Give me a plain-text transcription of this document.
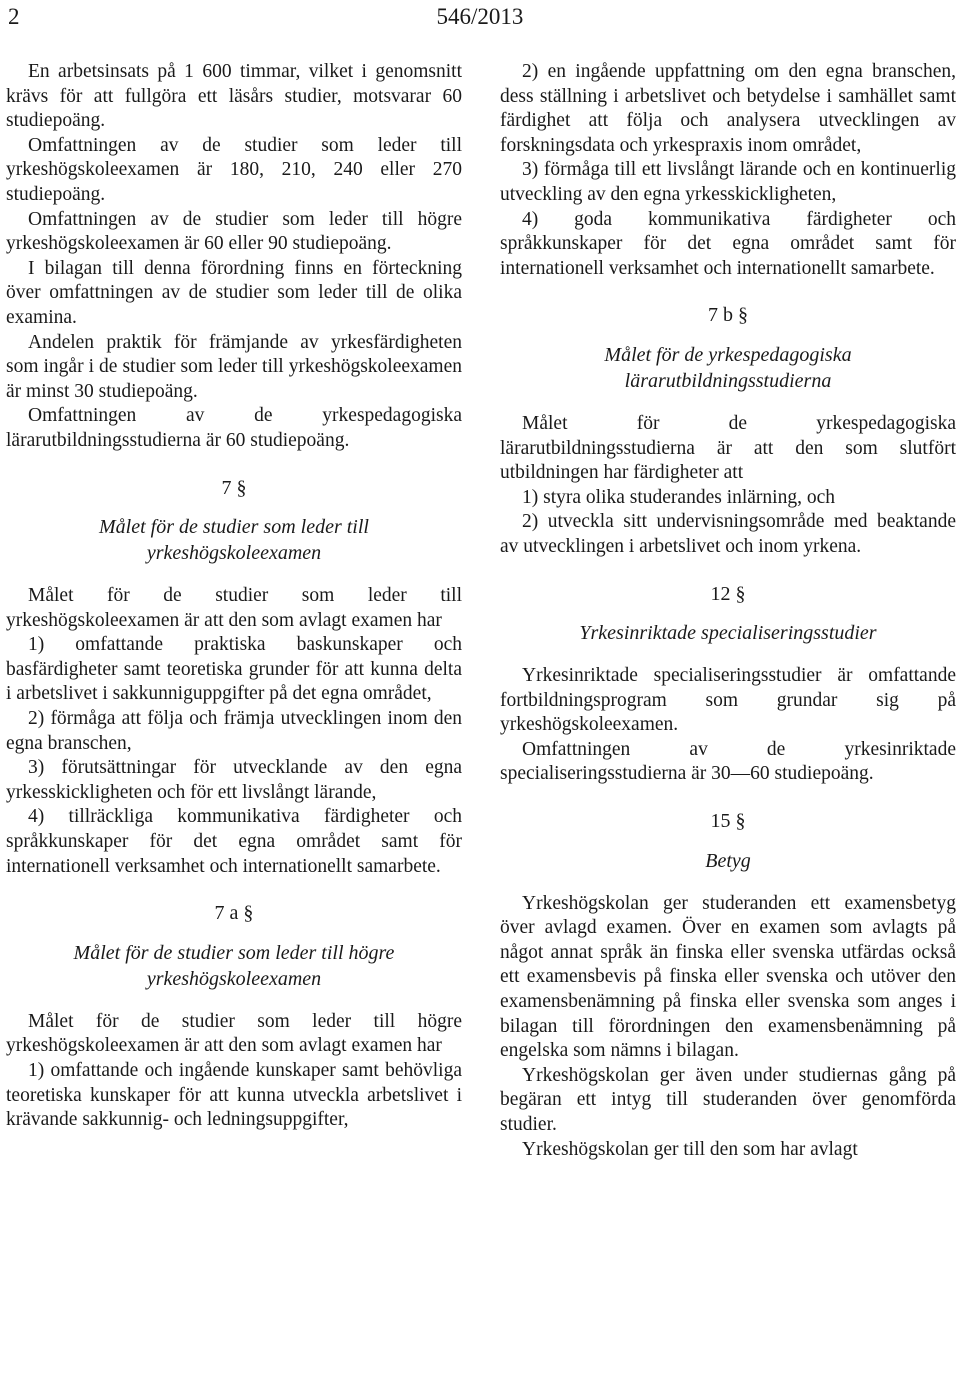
2	546/2013

En arbetsinsats på 1 600 timmar, vilket i genomsnitt krävs för att fullgöra ett läsårs studier, motsvarar 60 studiepoäng.

Omfattningen av de studier som leder till yrkeshögskoleexamen är 180, 210, 240 eller 270 studiepoäng.

Omfattningen av de studier som leder till högre yrkeshögskoleexamen är 60 eller 90 studiepoäng.

I bilagan till denna förordning finns en förteckning över omfattningen av de studier som leder till de olika examina.

Andelen praktik för främjande av yrkesfärdigheten som ingår i de studier som leder till yrkeshögskoleexamen är minst 30 studiepoäng.

Omfattningen av de yrkespedagogiska lärarutbildningsstudierna är 60 studiepoäng.

7 §
Målet för de studier som leder till
yrkeshögskoleexamen

Målet för de studier som leder till yrkeshögskoleexamen är att den som avlagt examen har

1) omfattande praktiska baskunskaper och basfärdigheter samt teoretiska grunder för att kunna delta i arbetslivet i sakkunniguppgifter på det egna området,

2) förmåga att följa och främja utvecklingen inom den egna branschen,

3) förutsättningar för utvecklande av den egna yrkesskickligheten och för ett livslångt lärande,

4) tillräckliga kommunikativa färdigheter och språkkunskaper för det egna området samt för internationell verksamhet och internationellt samarbete.

7 a §
Målet för de studier som leder till högre
yrkeshögskoleexamen

Målet för de studier som leder till högre yrkeshögskoleexamen är att den som avlagt examen har

1) omfattande och ingående kunskaper samt behövliga teoretiska kunskaper för att kunna utveckla arbetslivet i krävande sakkunnig- och ledningsuppgifter,

2) en ingående uppfattning om den egna branschen, dess ställning i arbetslivet och betydelse i samhället samt färdighet att följa och analysera utvecklingen av forskningsdata och yrkespraxis inom området,

3) förmåga till ett livslångt lärande och en kontinuerlig utveckling av den egna yrkesskickligheten,

4) goda kommunikativa färdigheter och språkkunskaper för det egna området samt för internationell verksamhet och internationellt samarbete.

7 b §
Målet för de yrkespedagogiska
lärarutbildningsstudierna

Målet för de yrkespedagogiska lärarutbildningsstudierna är att den som slutfört utbildningen har färdigheter att

1) styra olika studerandes inlärning, och

2) utveckla sitt undervisningsområde med beaktande av utvecklingen i arbetslivet och inom yrkena.

12 §
Yrkesinriktade specialiseringsstudier

Yrkesinriktade specialiseringsstudier är omfattande fortbildningsprogram som grundar sig på yrkeshögskoleexamen.

Omfattningen av de yrkesinriktade specialiseringsstudierna är 30—60 studiepoäng.

15 §
Betyg

Yrkeshögskolan ger studeranden ett examensbetyg över avlagd examen. Över en examen som avlagts på något annat språk än finska eller svenska utfärdas också ett examensbevis på finska eller svenska och utöver den examensbenämning på finska eller svenska som anges i bilagan till förordningen den examensbenämning på engelska som nämns i bilagan.

Yrkeshögskolan ger även under studiernas gång på begäran ett intyg till studeranden över genomförda studier.

Yrkeshögskolan ger till den som har avlagt
